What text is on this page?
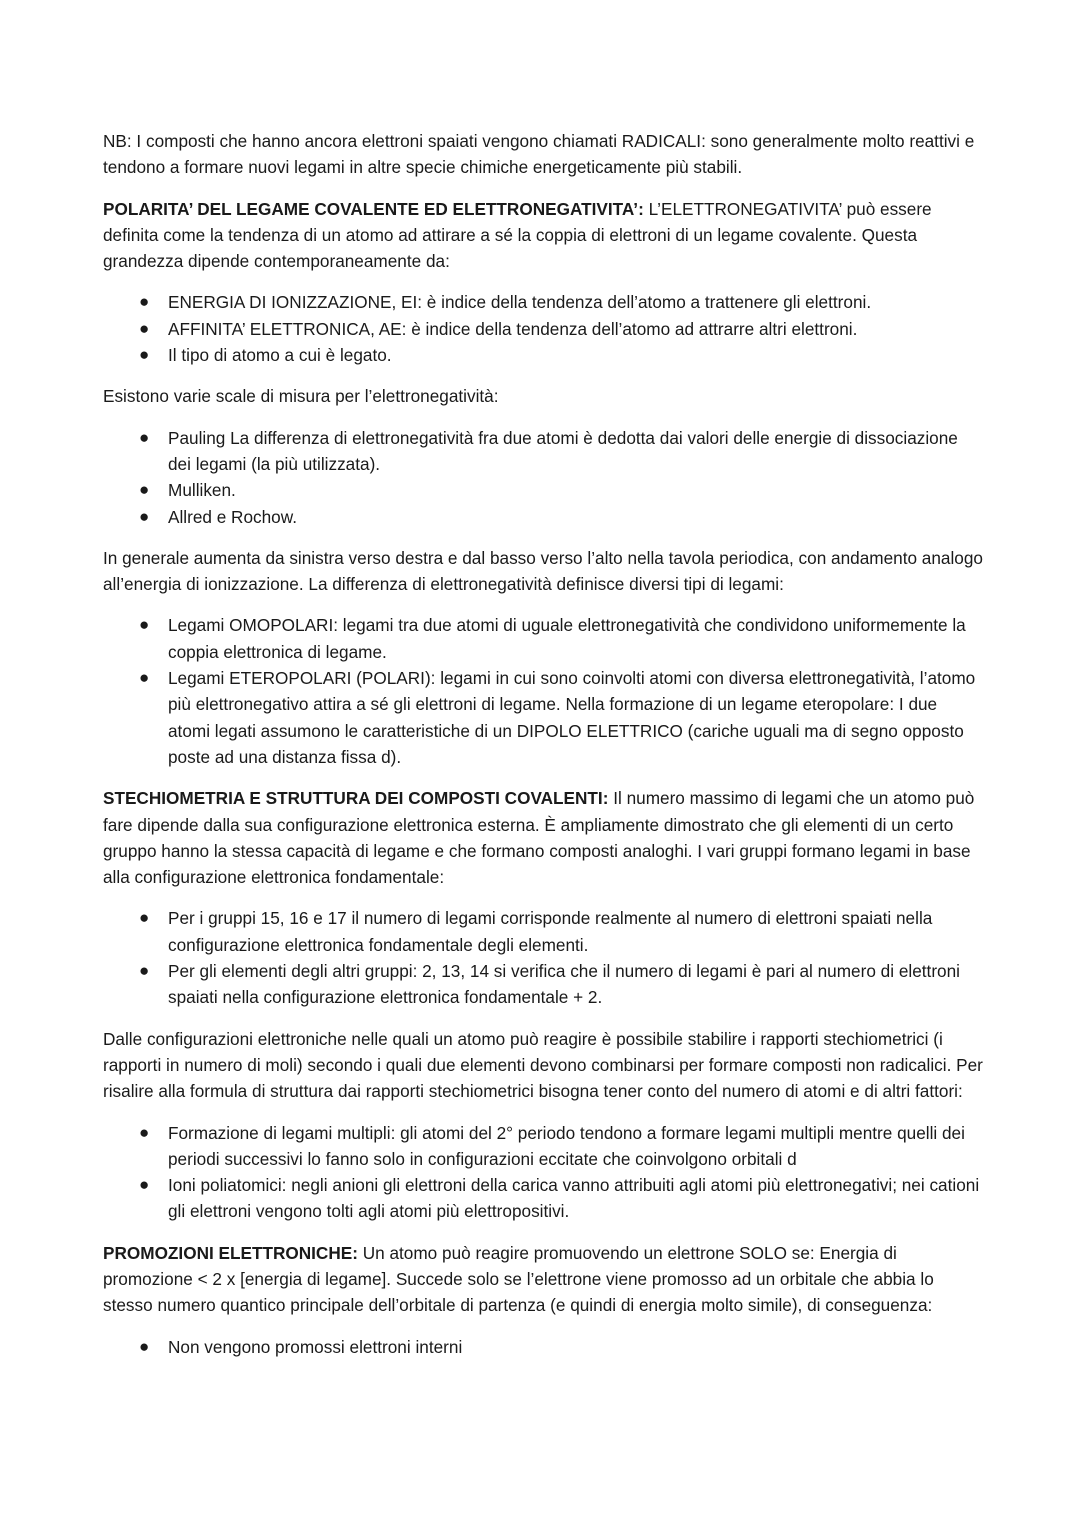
NB: I composti che hanno ancora elettroni spaiati vengono chiamati RADICALI: sono generalmente molto reattivi e tendono a formare nuovi legami in altre specie chimiche energeticamente più stabili.

POLARITA’ DEL LEGAME COVALENTE ED ELETTRONEGATIVITA’: L’ELETTRONEGATIVITA’ può essere definita come la tendenza di un atomo ad attirare a sé la coppia di elettroni di un legame covalente. Questa grandezza dipende contemporaneamente da:

● ENERGIA DI IONIZZAZIONE, EI: è indice della tendenza dell’atomo a trattenere gli elettroni.
● AFFINITA’ ELETTRONICA, AE: è indice della tendenza dell’atomo ad attrarre altri elettroni.
● Il tipo di atomo a cui è legato.

Esistono varie scale di misura per l’elettronegatività:

● Pauling La differenza di elettronegatività fra due atomi è dedotta dai valori delle energie di dissociazione dei legami (la più utilizzata).
● Mulliken.
● Allred e Rochow.

In generale aumenta da sinistra verso destra e dal basso verso l’alto nella tavola periodica, con andamento analogo all’energia di ionizzazione. La differenza di elettronegatività definisce diversi tipi di legami:

● Legami OMOPOLARI: legami tra due atomi di uguale elettronegatività che condividono uniformemente la coppia elettronica di legame.
● Legami ETEROPOLARI (POLARI): legami in cui sono coinvolti atomi con diversa elettronegatività, l’atomo più elettronegativo attira a sé gli elettroni di legame. Nella formazione di un legame eteropolare: I due atomi legati assumono le caratteristiche di un DIPOLO ELETTRICO (cariche uguali ma di segno opposto poste ad una distanza fissa d).

STECHIOMETRIA E STRUTTURA DEI COMPOSTI COVALENTI: Il numero massimo di legami che un atomo può fare dipende dalla sua configurazione elettronica esterna. È ampliamente dimostrato che gli elementi di un certo gruppo hanno la stessa capacità di legame e che formano composti analoghi. I vari gruppi formano legami in base alla configurazione elettronica fondamentale:

● Per i gruppi 15, 16 e 17 il numero di legami corrisponde realmente al numero di elettroni spaiati nella configurazione elettronica fondamentale degli elementi.
● Per gli elementi degli altri gruppi: 2, 13, 14 si verifica che il numero di legami è pari al numero di elettroni spaiati nella configurazione elettronica fondamentale + 2.

Dalle configurazioni elettroniche nelle quali un atomo può reagire è possibile stabilire i rapporti stechiometrici (i rapporti in numero di moli) secondo i quali due elementi devono combinarsi per formare composti non radicalici. Per risalire alla formula di struttura dai rapporti stechiometrici bisogna tener conto del numero di atomi e di altri fattori:

● Formazione di legami multipli: gli atomi del 2° periodo tendono a formare legami multipli mentre quelli dei periodi successivi lo fanno solo in configurazioni eccitate che coinvolgono orbitali d
● Ioni poliatomici: negli anioni gli elettroni della carica vanno attribuiti agli atomi più elettronegativi; nei cationi gli elettroni vengono tolti agli atomi più elettropositivi.

PROMOZIONI ELETTRONICHE: Un atomo può reagire promuovendo un elettrone SOLO se: Energia di promozione < 2 x [energia di legame]. Succede solo se l’elettrone viene promosso ad un orbitale che abbia lo stesso numero quantico principale dell’orbitale di partenza (e quindi di energia molto simile), di conseguenza:

● Non vengono promossi elettroni interni
